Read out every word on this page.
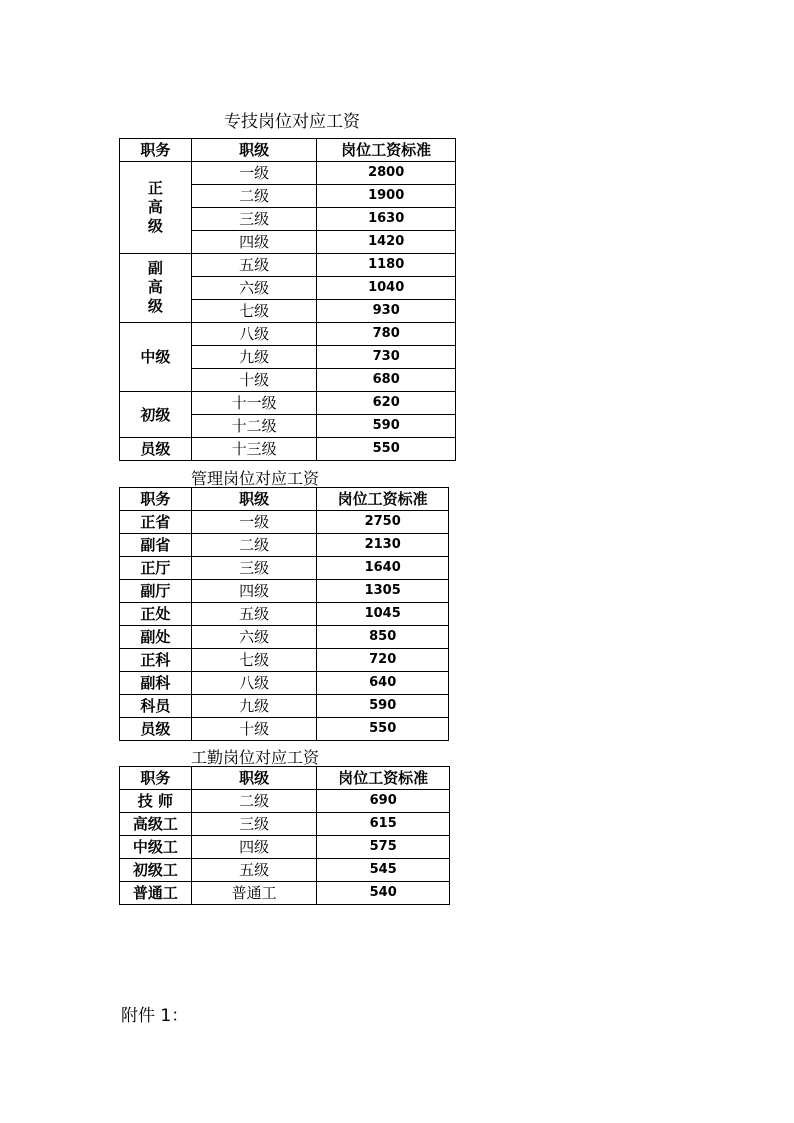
专技岗位对应工资
职务	职级	岗位工资标准
正高级	一级	2800
	二级	1900
	三级	1630
	四级	1420
副高级	五级	1180
	六级	1040
	七级	930
中级	八级	780
	九级	730
	十级	680
初级	十一级	620
	十二级	590
员级	十三级	550
管理岗位对应工资
职务	职级	岗位工资标准
正省	一级	2750
副省	二级	2130
正厅	三级	1640
副厅	四级	1305
正处	五级	1045
副处	六级	850
正科	七级	720
副科	八级	640
科员	九级	590
员级	十级	550
工勤岗位对应工资
职务	职级	岗位工资标准
技 师	二级	690
高级工	三级	615
中级工	四级	575
初级工	五级	545
普通工	普通工	540
附件 1：
